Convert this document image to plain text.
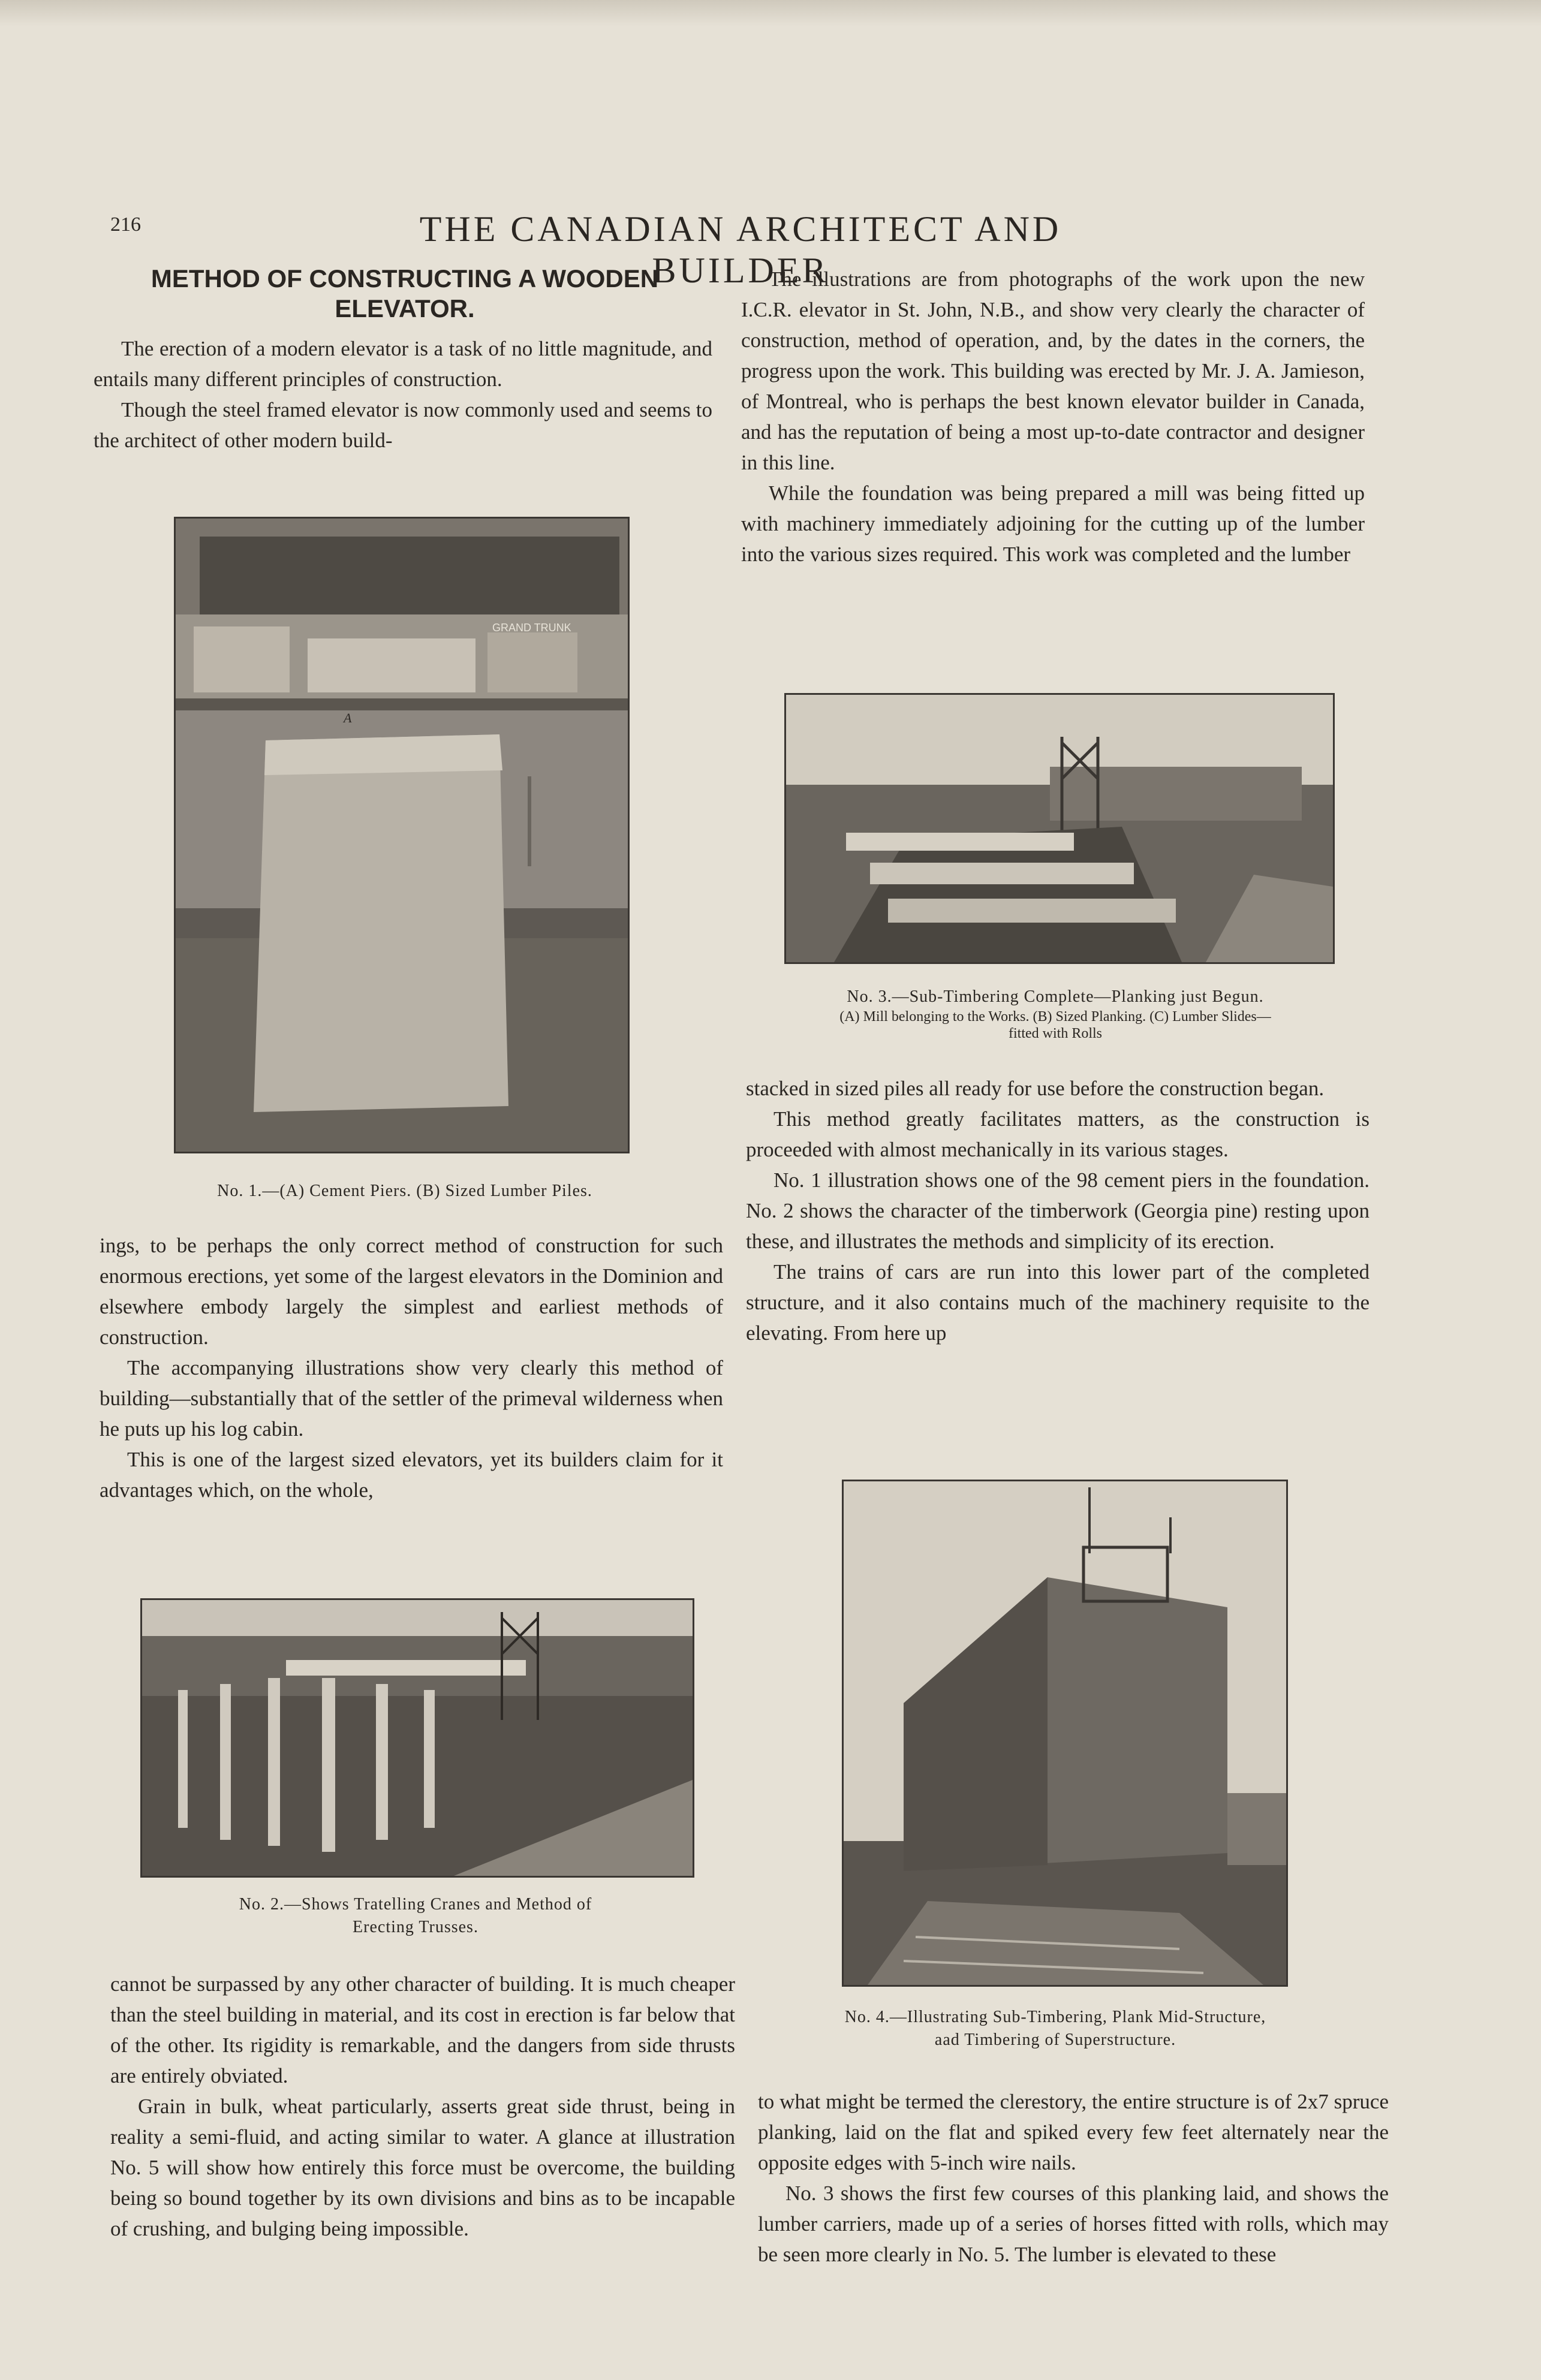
216	THE CANADIAN ARCHITECT AND BUILDER
METHOD OF CONSTRUCTING A WOODEN
ELEVATOR.

The erection of a modern elevator is a task of no little magnitude, and entails many different principles of construction.

Though the steel framed elevator is now commonly used and seems to the architect of other modern build-

GRAND TRUNK
A
No. 1.—(A) Cement Piers. (B) Sized Lumber Piles.

ings, to be perhaps the only correct method of construction for such enormous erections, yet some of the largest elevators in the Dominion and elsewhere embody largely the simplest and earliest methods of construction.

The accompanying illustrations show very clearly this method of building—substantially that of the settler of the primeval wilderness when he puts up his log cabin.

This is one of the largest sized elevators, yet its builders claim for it advantages which, on the whole,

No. 2.—Shows Tratelling Cranes and Method of
Erecting Trusses.

cannot be surpassed by any other character of building. It is much cheaper than the steel building in material, and its cost in erection is far below that of the other. Its rigidity is remarkable, and the dangers from side thrusts are entirely obviated.

Grain in bulk, wheat particularly, asserts great side thrust, being in reality a semi-fluid, and acting similar to water. A glance at illustration No. 5 will show how entirely this force must be overcome, the building being so bound together by its own divisions and bins as to be incapable of crushing, and bulging being impossible.

The illustrations are from photographs of the work upon the new I.C.R. elevator in St. John, N.B., and show very clearly the character of construction, method of operation, and, by the dates in the corners, the progress upon the work. This building was erected by Mr. J. A. Jamieson, of Montreal, who is perhaps the best known elevator builder in Canada, and has the reputation of being a most up-to-date contractor and designer in this line.

While the foundation was being prepared a mill was being fitted up with machinery immediately adjoining for the cutting up of the lumber into the various sizes required. This work was completed and the lumber

No. 3.—Sub-Timbering Complete—Planking just Begun.
(A) Mill belonging to the Works. (B) Sized Planking. (C) Lumber Slides—
fitted with Rolls

stacked in sized piles all ready for use before the construction began.

This method greatly facilitates matters, as the construction is proceeded with almost mechanically in its various stages.

No. 1 illustration shows one of the 98 cement piers in the foundation. No. 2 shows the character of the timberwork (Georgia pine) resting upon these, and illustrates the methods and simplicity of its erection.

The trains of cars are run into this lower part of the completed structure, and it also contains much of the machinery requisite to the elevating. From here up

No. 4.—Illustrating Sub-Timbering, Plank Mid-Structure,
aad Timbering of Superstructure.

to what might be termed the clerestory, the entire structure is of 2x7 spruce planking, laid on the flat and spiked every few feet alternately near the opposite edges with 5-inch wire nails.

No. 3 shows the first few courses of this planking laid, and shows the lumber carriers, made up of a series of horses fitted with rolls, which may be seen more clearly in No. 5. The lumber is elevated to these
